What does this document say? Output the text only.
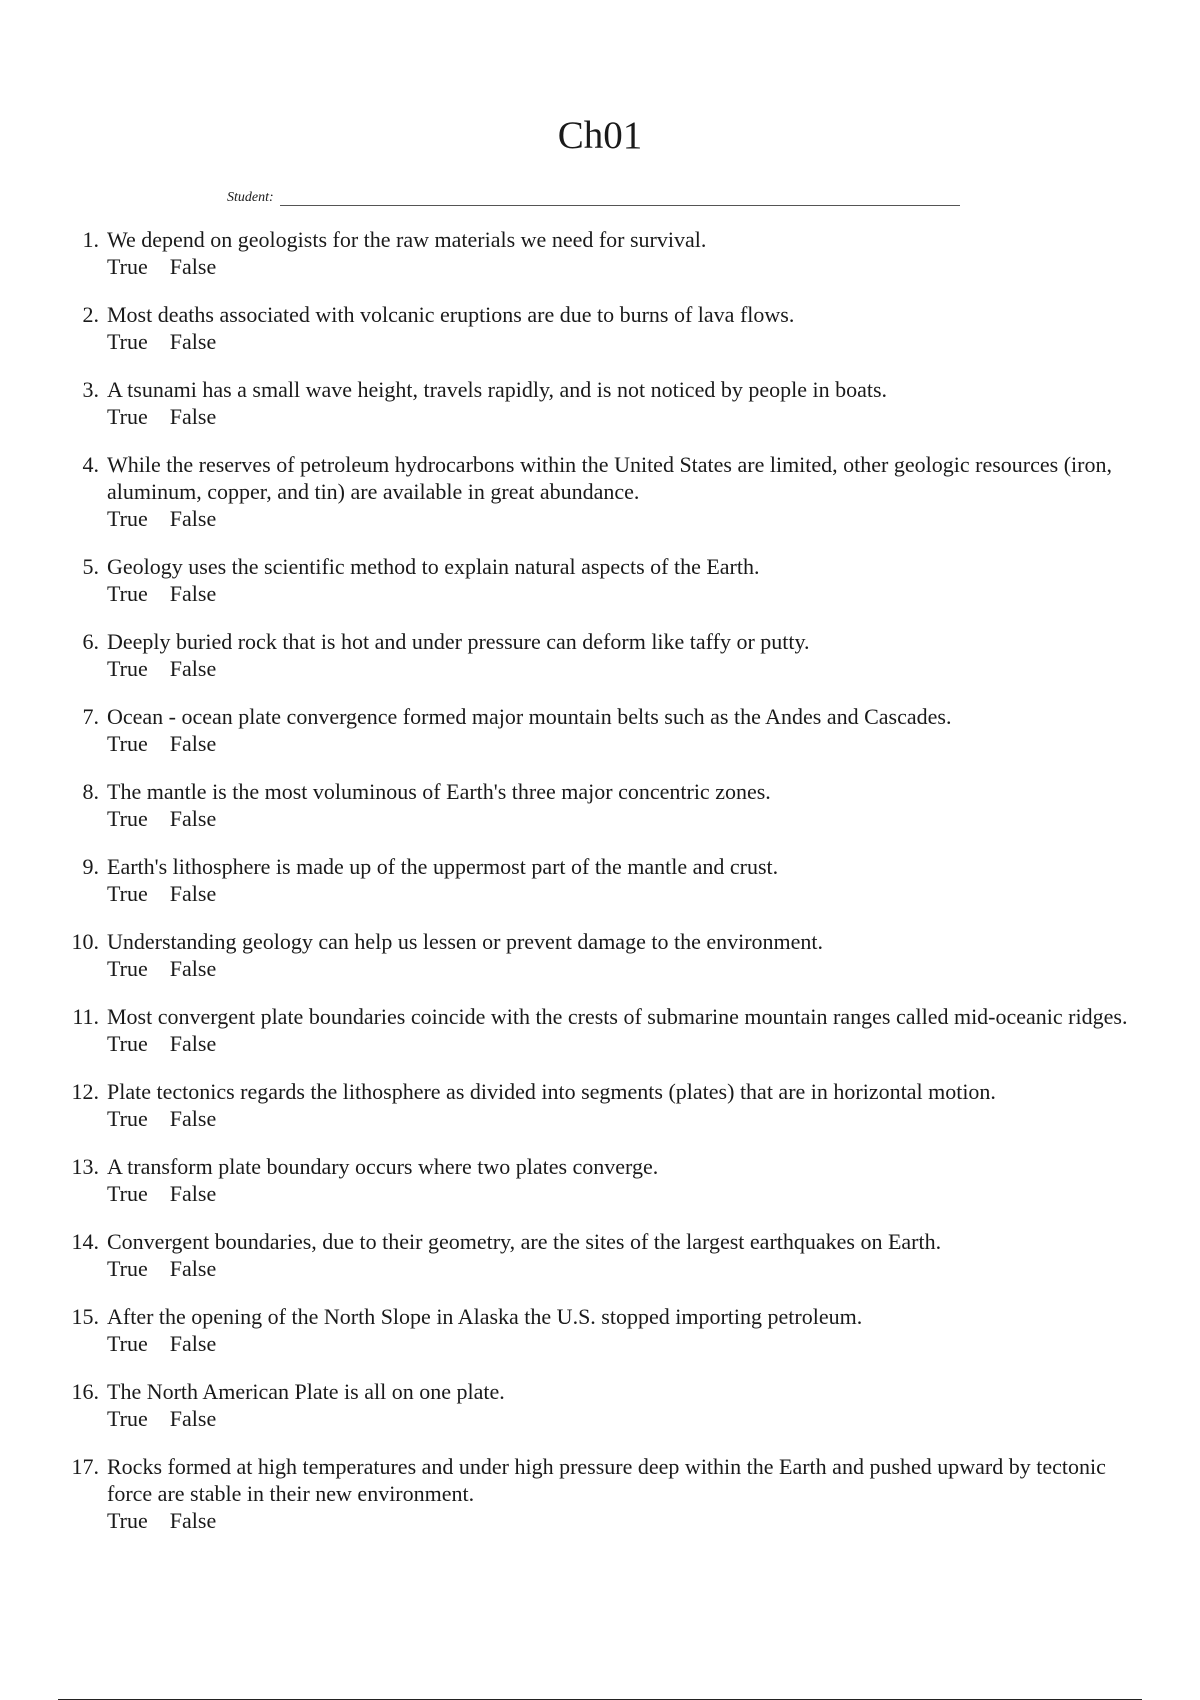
Ch01
Student:
1. We depend on geologists for the raw materials we need for survival.
True False
2. Most deaths associated with volcanic eruptions are due to burns of lava flows.
True False
3. A tsunami has a small wave height, travels rapidly, and is not noticed by people in boats.
True False
4. While the reserves of petroleum hydrocarbons within the United States are limited, other geologic resources (iron, aluminum, copper, and tin) are available in great abundance.
True False
5. Geology uses the scientific method to explain natural aspects of the Earth.
True False
6. Deeply buried rock that is hot and under pressure can deform like taffy or putty.
True False
7. Ocean - ocean plate convergence formed major mountain belts such as the Andes and Cascades.
True False
8. The mantle is the most voluminous of Earth's three major concentric zones.
True False
9. Earth's lithosphere is made up of the uppermost part of the mantle and crust.
True False
10. Understanding geology can help us lessen or prevent damage to the environment.
True False
11. Most convergent plate boundaries coincide with the crests of submarine mountain ranges called mid-oceanic ridges.
True False
12. Plate tectonics regards the lithosphere as divided into segments (plates) that are in horizontal motion.
True False
13. A transform plate boundary occurs where two plates converge.
True False
14. Convergent boundaries, due to their geometry, are the sites of the largest earthquakes on Earth.
True False
15. After the opening of the North Slope in Alaska the U.S. stopped importing petroleum.
True False
16. The North American Plate is all on one plate.
True False
17. Rocks formed at high temperatures and under high pressure deep within the Earth and pushed upward by tectonic force are stable in their new environment.
True False
